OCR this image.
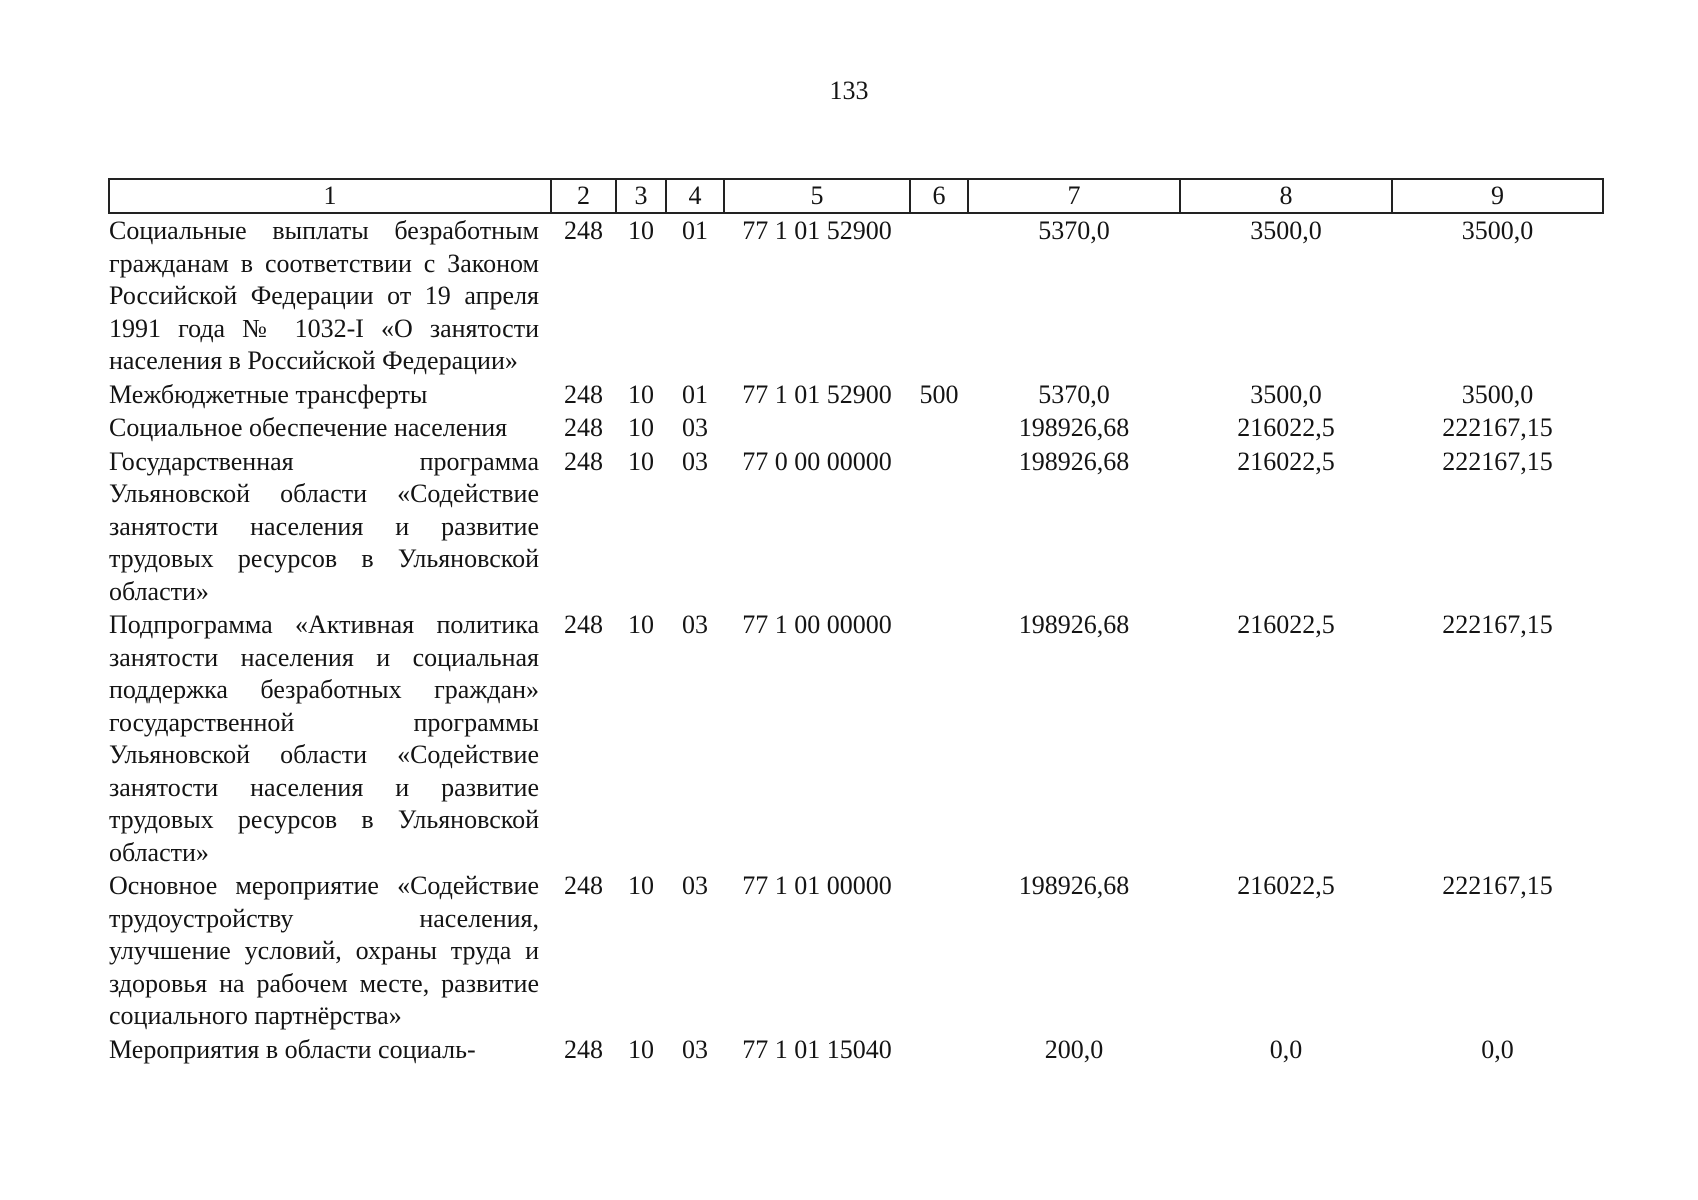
133
1	2	3	4	5	6	7	8	9
Социальные выплаты безработным гражданам в соответствии с Законом Российской Федерации от 19 апреля 1991 года № 1032-I «О занятости населения в Российской Федерации»	248	10	01	77 1 01 52900		5370,0	3500,0	3500,0
Межбюджетные трансферты	248	10	01	77 1 01 52900	500	5370,0	3500,0	3500,0
Социальное обеспечение населения	248	10	03			198926,68	216022,5	222167,15
Государственная программа Ульяновской области «Содействие занятости населения и развитие трудовых ресурсов в Ульяновской области»	248	10	03	77 0 00 00000		198926,68	216022,5	222167,15
Подпрограмма «Активная политика занятости населения и социальная поддержка безработных граждан» государственной программы Ульяновской области «Содействие занятости населения и развитие трудовых ресурсов в Ульяновской области»	248	10	03	77 1 00 00000		198926,68	216022,5	222167,15
Основное мероприятие «Содействие трудоустройству населения, улучшение условий, охраны труда и здоровья на рабочем месте, развитие социального партнёрства»	248	10	03	77 1 01 00000		198926,68	216022,5	222167,15
Мероприятия в области социаль-	248	10	03	77 1 01 15040		200,0	0,0	0,0
